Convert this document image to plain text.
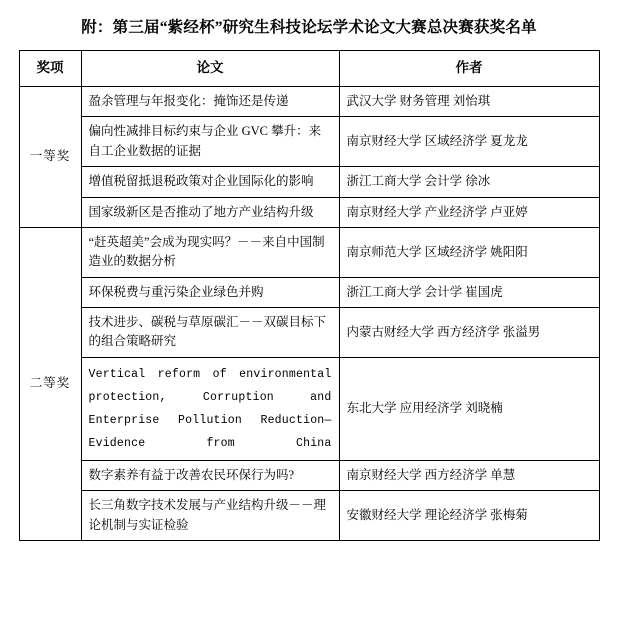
附：第三届“紫经杯”研究生科技论坛学术论文大赛总决赛获奖名单
奖项	论文	作者
一等奖	盈余管理与年报变化：掩饰还是传递	武汉大学 财务管理 刘怡琪
	偏向性减排目标约束与企业 GVC 攀升：来自工企业数据的证据	南京财经大学 区域经济学 夏龙龙
	增值税留抵退税政策对企业国际化的影响	浙江工商大学 会计学 徐冰
	国家级新区是否推动了地方产业结构升级	南京财经大学 产业经济学 卢亚婷
二等奖	“赶英超美”会成为现实吗？－－来自中国制造业的数据分析	南京师范大学 区域经济学 姚阳阳
	环保税费与重污染企业绿色并购	浙江工商大学 会计学 崔国虎
	技术进步、碳税与草原碳汇－－双碳目标下的组合策略研究	内蒙古财经大学 西方经济学 张溢男
	Vertical reform of environmental protection, Corruption and Enterprise Pollution Reduction—Evidence from China	东北大学 应用经济学 刘晓楠
	数字素养有益于改善农民环保行为吗?	南京财经大学 西方经济学 单慧
	长三角数字技术发展与产业结构升级－－理论机制与实证检验	安徽财经大学 理论经济学 张梅菊
